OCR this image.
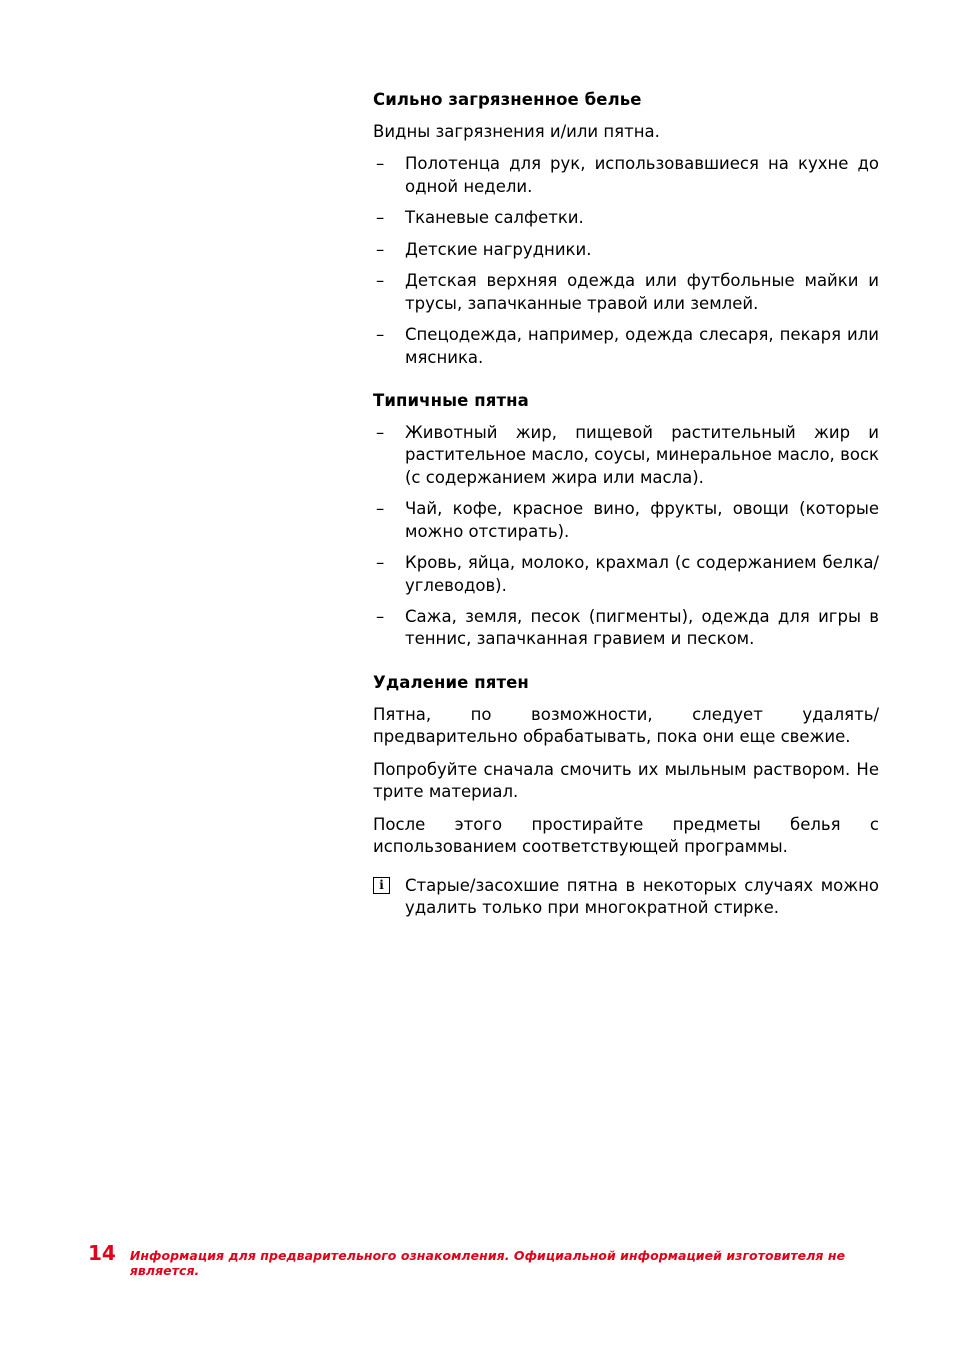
Сильно загрязненное белье

Видны загрязнения и/или пятна.

–	Полотенца для рук, использовавшиеся на кухне до одной недели.
–	Тканевые салфетки.
–	Детские нагрудники.
–	Детская верхняя одежда или футбольные майки и трусы, запачканные травой или землей.
–	Спецодежда, например, одежда слесаря, пекаря или мясника.
Типичные пятна
–	Животный жир, пищевой растительный жир и растительное масло, соусы, минеральное масло, воск (с содержанием жира или масла).
–	Чай, кофе, красное вино, фрукты, овощи (которые можно отстирать).
–	Кровь, яйца, молоко, крахмал (с содержанием белка/углеводов).
–	Сажа, земля, песок (пигменты), одежда для игры в теннис, запачканная гравием и песком.
Удаление пятен

Пятна, по возможности, следует удалять/предварительно обрабатывать, пока они еще свежие.

Попробуйте сначала смочить их мыльным раствором. Не трите материал.

После этого простирайте предметы белья с использованием соответствующей программы.

i	Старые/засохшие пятна в некоторых случаях можно удалить только при многократной стирке.
14 Информация для предварительного ознакомления. Официальной информацией изготовителя не является.
